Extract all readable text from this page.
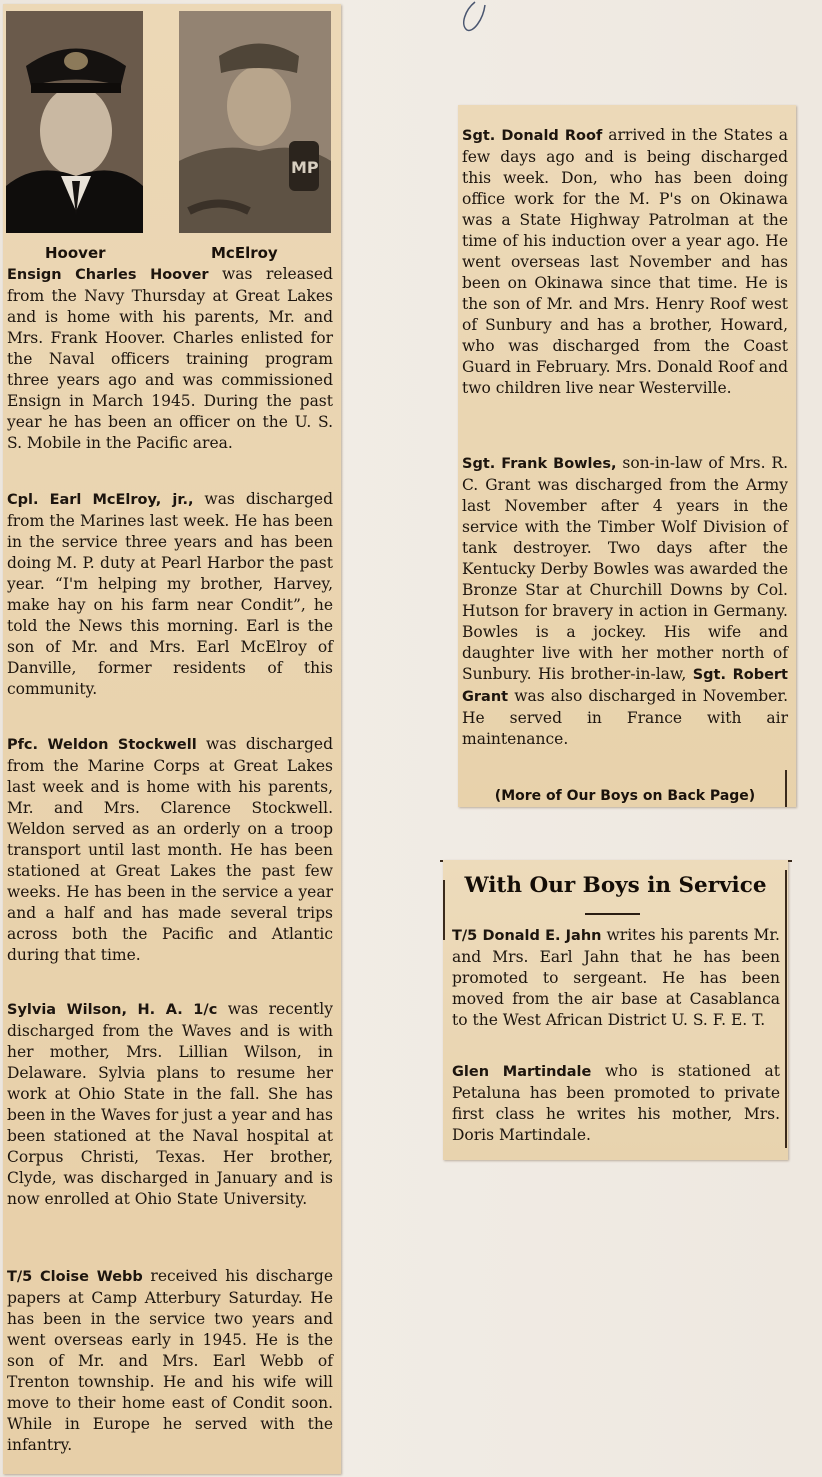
MP
Hoover	McElroy
Ensign Charles Hoover was released from the Navy Thursday at Great Lakes and is home with his parents, Mr. and Mrs. Frank Hoover. Charles enlisted for the Naval officers training program three years ago and was commissioned Ensign in March 1945. During the past year he has been an officer on the U. S. S. Mobile in the Pacific area.
Cpl. Earl McElroy, jr., was discharged from the Marines last week. He has been in the service three years and has been doing M. P. duty at Pearl Harbor the past year. “I'm helping my brother, Harvey, make hay on his farm near Condit”, he told the News this morning. Earl is the son of Mr. and Mrs. Earl McElroy of Danville, former residents of this community.
Pfc. Weldon Stockwell was discharged from the Marine Corps at Great Lakes last week and is home with his parents, Mr. and Mrs. Clarence Stockwell. Weldon served as an orderly on a troop transport until last month. He has been stationed at Great Lakes the past few weeks. He has been in the service a year and a half and has made several trips across both the Pacific and Atlantic during that time.
Sylvia Wilson, H. A. 1/c was recently discharged from the Waves and is with her mother, Mrs. Lillian Wilson, in Delaware. Sylvia plans to resume her work at Ohio State in the fall. She has been in the Waves for just a year and has been stationed at the Naval hospital at Corpus Christi, Texas. Her brother, Clyde, was discharged in January and is now enrolled at Ohio State University.
T/5 Cloise Webb received his discharge papers at Camp Atterbury Saturday. He has been in the service two years and went overseas early in 1945. He is the son of Mr. and Mrs. Earl Webb of Trenton township. He and his wife will move to their home east of Condit soon. While in Europe he served with the infantry.
Sgt. Donald Roof arrived in the States a few days ago and is being discharged this week. Don, who has been doing office work for the M. P's on Okinawa was a State Highway Patrolman at the time of his induction over a year ago. He went overseas last November and has been on Okinawa since that time. He is the son of Mr. and Mrs. Henry Roof west of Sunbury and has a brother, Howard, who was discharged from the Coast Guard in February. Mrs. Donald Roof and two children live near Westerville.
Sgt. Frank Bowles, son-in-law of Mrs. R. C. Grant was discharged from the Army last November after 4 years in the service with the Timber Wolf Division of tank destroyer. Two days after the Kentucky Derby Bowles was awarded the Bronze Star at Churchill Downs by Col. Hutson for bravery in action in Germany. Bowles is a jockey. His wife and daughter live with her mother north of Sunbury. His brother-in-law, Sgt. Robert Grant was also discharged in November. He served in France with air maintenance.
(More of Our Boys on Back Page)
With Our Boys in Service
T/5 Donald E. Jahn writes his parents Mr. and Mrs. Earl Jahn that he has been promoted to sergeant. He has been moved from the air base at Casablanca to the West African District U. S. F. E. T.
Glen Martindale who is stationed at Petaluna has been promoted to private first class he writes his mother, Mrs. Doris Martindale.
